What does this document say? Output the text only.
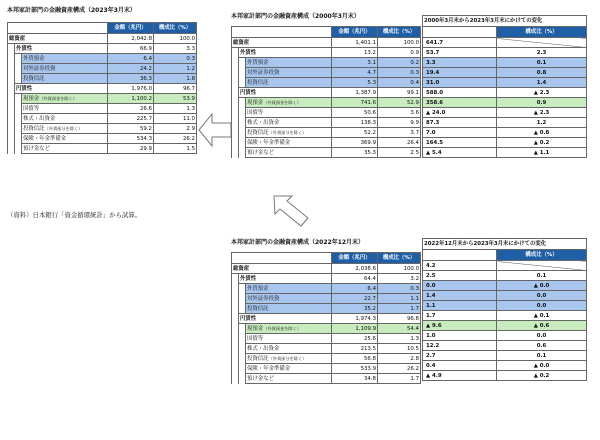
本邦家計部門の金融資産構成（2023年3月末）
			金額（兆円）	構成比（%）
総資産			2,042.8	100.0
	外貨性		66.9	3.3
		外貨預金	6.4	0.3
		対外証券投資	24.2	1.2
		投資信託	36.3	1.8
	円貨性		1,976.0	96.7
		現預金（外貨預金を除く）	1,100.2	53.9
		国債等	26.6	1.3
		株式・出資金	225.7	11.0
		投資信託（外貨部分を除く）	59.2	2.9
		保険・年金準備金	534.3	26.2
		預け金など	29.9	1.5
本邦家計部門の金融資産構成（2000年3月末）
			金額（兆円）	構成比（%）
総資産			1,401.1	100.0
	外貨性		13.2	0.9
		外貨預金	3.1	0.2
		対外証券投資	4.7	0.3
		投資信託	5.3	0.4
	円貨性		1,387.9	99.1
		現預金（外貨預金を除く）	741.6	52.9
		国債等	50.6	3.6
		株式・出資金	138.3	9.9
		投資信託（外貨部分を除く）	52.2	3.7
		保険・年金準備金	369.9	26.4
		預け金など	35.3	2.5
2000年3月末から2023年3月末にかけての変化	
	構成比（%）
641.7	
53.7	2.3
3.3	0.1
19.4	0.8
31.0	1.4
588.0	▲ 2.3
358.6	0.9
▲ 24.0	▲ 2.3
87.3	1.2
7.0	▲ 0.8
164.5	▲ 0.2
▲ 5.4	▲ 1.1
本邦家計部門の金融資産構成（2022年12月末）
			金額（兆円）	構成比（%）
総資産			2,038.6	100.0
	外貨性		64.4	3.2
		外貨預金	6.4	0.3
		対外証券投資	22.7	1.1
		投資信託	35.2	1.7
	円貨性		1,974.3	96.8
		現預金（外貨預金を除く）	1,109.9	54.4
		国債等	25.6	1.3
		株式・出資金	213.5	10.5
		投資信託（外貨部分を除く）	56.8	2.8
		保険・年金準備金	533.9	26.2
		預け金など	34.8	1.7
2022年12月末から2023年3月末にかけての変化	
	構成比（%）
4.2	
2.5	0.1
0.0	▲ 0.0
1.4	0.0
1.1	0.0
1.7	▲ 0.1
▲ 9.6	▲ 0.6
1.0	0.0
12.2	0.6
2.7	0.1
0.4	▲ 0.0
▲ 4.9	▲ 0.2
（資料）日本銀行「資金循環統計」から試算。
